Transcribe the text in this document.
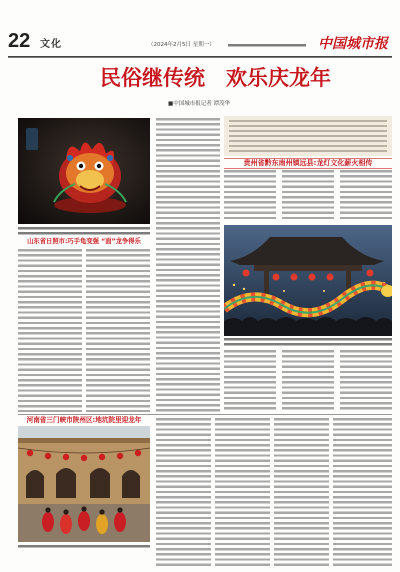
22 文化	（2024年2月5日 星期一）	中国城市报
民俗继传统　欢乐庆龙年
■中国城市报记者 谭茂华
山东省日照市:巧手龟变强 “面”龙争得乐
贵州省黔东南州镇远县:龙灯文化薪火相传
河南省三门峡市陕州区:地坑院里迎龙年
